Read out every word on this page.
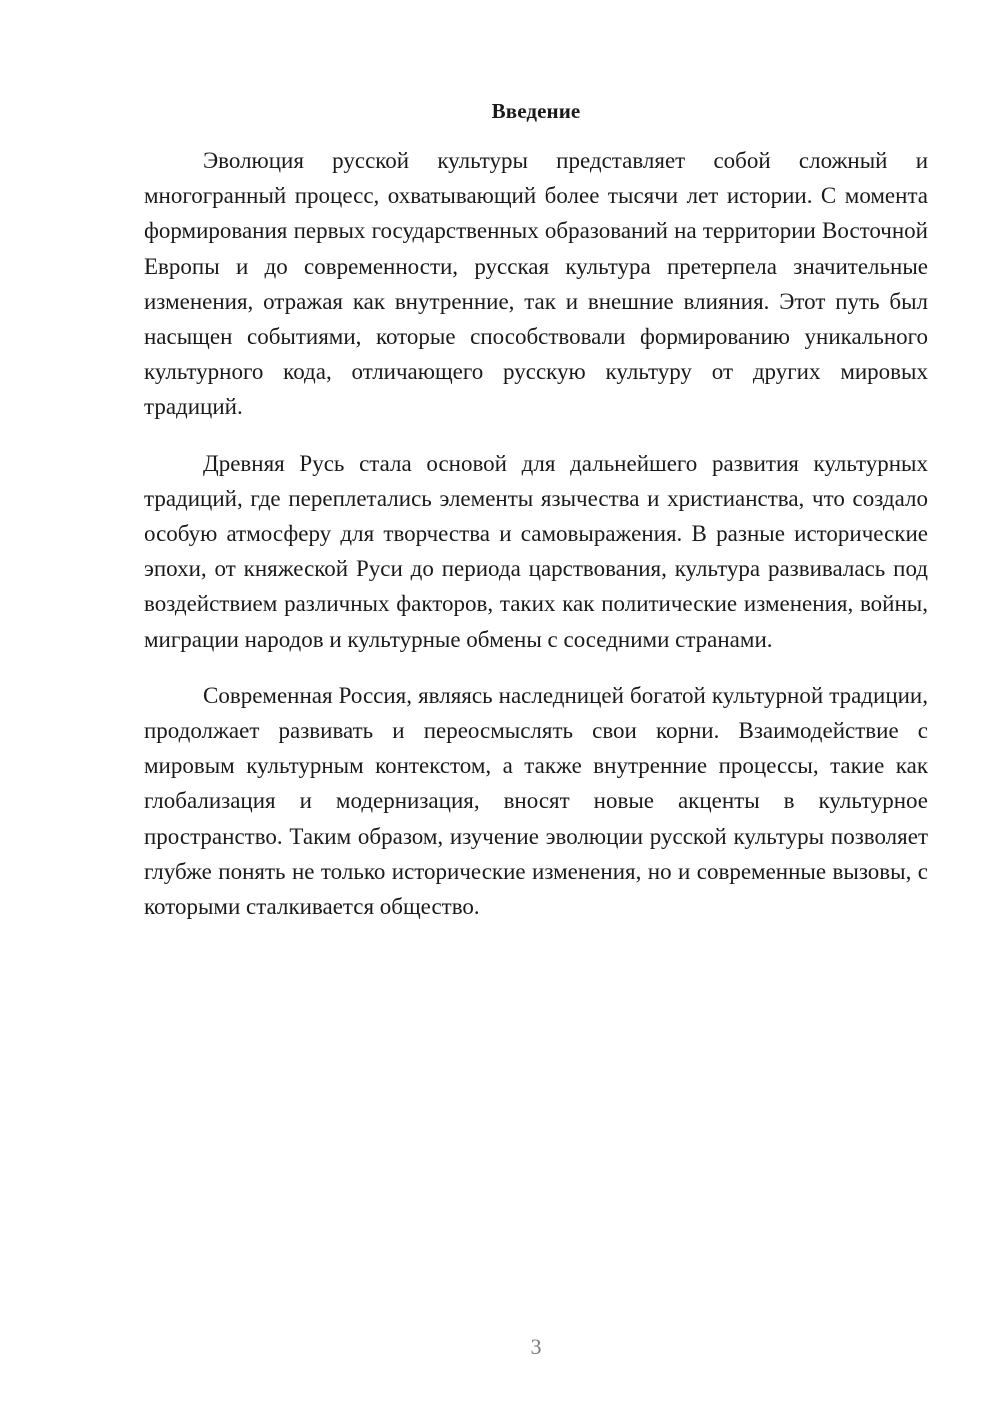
Введение

Эволюция русской культуры представляет собой сложный и многогранный процесс, охватывающий более тысячи лет истории. С момента формирования первых государственных образований на территории Восточной Европы и до современности, русская культура претерпела значительные изменения, отражая как внутренние, так и внешние влияния. Этот путь был насыщен событиями, которые способствовали формированию уникального культурного кода, отличающего русскую культуру от других мировых традиций.

Древняя Русь стала основой для дальнейшего развития культурных традиций, где переплетались элементы язычества и христианства, что создало особую атмосферу для творчества и самовыражения. В разные исторические эпохи, от княжеской Руси до периода царствования, культура развивалась под воздействием различных факторов, таких как политические изменения, войны, миграции народов и культурные обмены с соседними странами.

Современная Россия, являясь наследницей богатой культурной традиции, продолжает развивать и переосмыслять свои корни. Взаимодействие с мировым культурным контекстом, а также внутренние процессы, такие как глобализация и модернизация, вносят новые акценты в культурное пространство. Таким образом, изучение эволюции русской культуры позволяет глубже понять не только исторические изменения, но и современные вызовы, с которыми сталкивается общество.

3
